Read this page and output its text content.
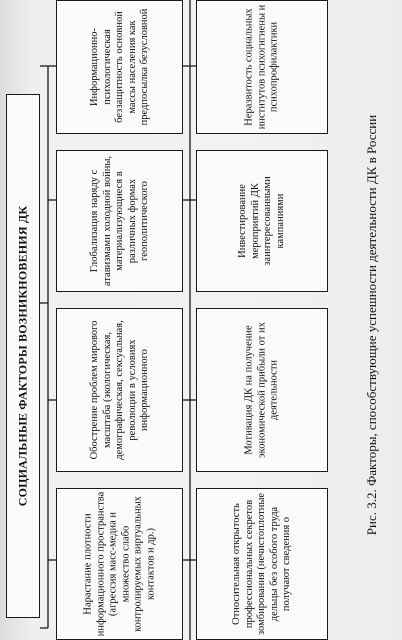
СОЦИАЛЬНЫЕ ФАКТОРЫ ВОЗНИКНОВЕНИЯ ДК
Информационно-психологическая беззащитность основной массы населения как предпосылка безусловной
Глобализация наряду с атавизмами холодной войны, материализующиеся в различных формах геополитического
Обострение проблем мирового масштаба (экологическая, демографическая, сексуальная, революции в условиях информационного
Нарастание плотности информационного пространства (агрессия масс-медиа и множество слабо контролируемых виртуальных контактов и др.)
Неразвитость социальных институтов психогигиены и психопрофилактики
Инвестирование мероприятий ДК заинтересованными кампаниями
Мотивация ДК на получение экономической прибыли от их деятельности
Относительная открытость профессиональных секретов зомбирования (нечистоплотные дельцы без особого труда получают сведения о
Рис. 3.2. Факторы, способствующие успешности деятельности ДК в России
